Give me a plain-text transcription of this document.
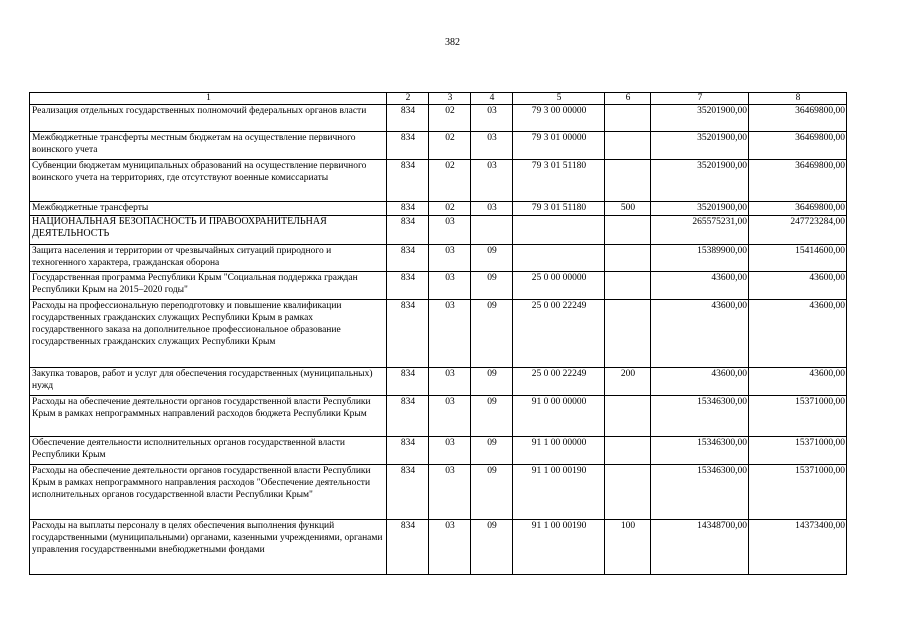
382
1	2	3	4	5	6	7	8
Реализация отдельных государственных полномочий федеральных органов власти	834	02	03	79 3 00 00000		35201900,00	36469800,00
Межбюджетные трансферты местным бюджетам на осуществление первичного воинского учета	834	02	03	79 3 01 00000		35201900,00	36469800,00
Субвенции бюджетам муниципальных образований на осуществление первичного воинского учета на территориях, где отсутствуют военные комиссариаты	834	02	03	79 3 01 51180		35201900,00	36469800,00
Межбюджетные трансферты	834	02	03	79 3 01 51180	500	35201900,00	36469800,00
НАЦИОНАЛЬНАЯ БЕЗОПАСНОСТЬ И ПРАВООХРАНИТЕЛЬНАЯ ДЕЯТЕЛЬНОСТЬ	834	03				265575231,00	247723284,00
Защита населения и территории от чрезвычайных ситуаций природного и техногенного характера, гражданская оборона	834	03	09			15389900,00	15414600,00
Государственная программа Республики Крым "Социальная поддержка граждан Республики Крым на 2015–2020 годы"	834	03	09	25 0 00 00000		43600,00	43600,00
Расходы на профессиональную переподготовку и повышение квалификации государственных гражданских служащих Республики Крым в рамках государственного заказа на дополнительное профессиональное образование государственных гражданских служащих Республики Крым	834	03	09	25 0 00 22249		43600,00	43600,00
Закупка товаров, работ и услуг для обеспечения государственных (муниципальных) нужд	834	03	09	25 0 00 22249	200	43600,00	43600,00
Расходы на обеспечение деятельности органов государственной власти Республики Крым в рамках непрограммных направлений расходов бюджета Республики Крым	834	03	09	91 0 00 00000		15346300,00	15371000,00
Обеспечение деятельности исполнительных органов государственной власти Республики Крым	834	03	09	91 1 00 00000		15346300,00	15371000,00
Расходы на обеспечение деятельности органов государственной власти Республики Крым в рамках непрограммного направления расходов "Обеспечение деятельности исполнительных органов государственной власти Республики Крым"	834	03	09	91 1 00 00190		15346300,00	15371000,00
Расходы на выплаты персоналу в целях обеспечения выполнения функций государственными (муниципальными) органами, казенными учреждениями, органами управления государственными внебюджетными фондами	834	03	09	91 1 00 00190	100	14348700,00	14373400,00
